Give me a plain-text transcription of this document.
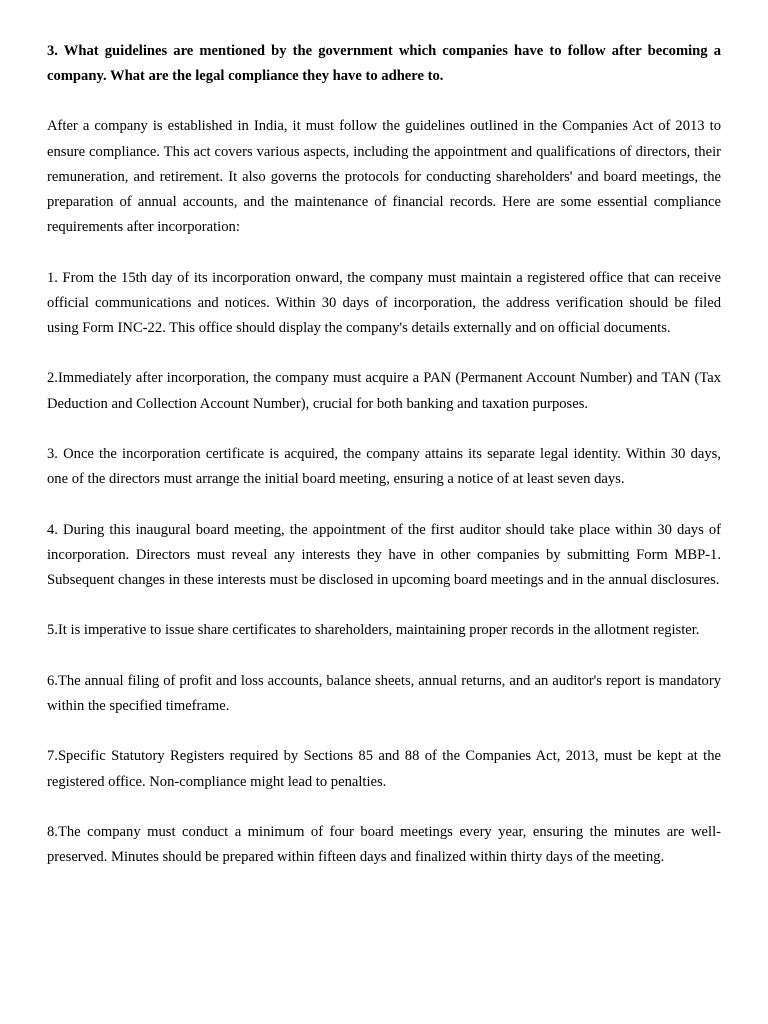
3. What guidelines are mentioned by the government which companies have to follow after becoming a company. What are the legal compliance they have to adhere to.

After a company is established in India, it must follow the guidelines outlined in the Companies Act of 2013 to ensure compliance. This act covers various aspects, including the appointment and qualifications of directors, their remuneration, and retirement. It also governs the protocols for conducting shareholders' and board meetings, the preparation of annual accounts, and the maintenance of financial records. Here are some essential compliance requirements after incorporation:

1. From the 15th day of its incorporation onward, the company must maintain a registered office that can receive official communications and notices. Within 30 days of incorporation, the address verification should be filed using Form INC-22. This office should display the company's details externally and on official documents.

2.Immediately after incorporation, the company must acquire a PAN (Permanent Account Number) and TAN (Tax Deduction and Collection Account Number), crucial for both banking and taxation purposes.

3. Once the incorporation certificate is acquired, the company attains its separate legal identity. Within 30 days, one of the directors must arrange the initial board meeting, ensuring a notice of at least seven days.

4. During this inaugural board meeting, the appointment of the first auditor should take place within 30 days of incorporation. Directors must reveal any interests they have in other companies by submitting Form MBP-1. Subsequent changes in these interests must be disclosed in upcoming board meetings and in the annual disclosures.

5.It is imperative to issue share certificates to shareholders, maintaining proper records in the allotment register.

6.The annual filing of profit and loss accounts, balance sheets, annual returns, and an auditor's report is mandatory within the specified timeframe.

7.Specific Statutory Registers required by Sections 85 and 88 of the Companies Act, 2013, must be kept at the registered office. Non-compliance might lead to penalties.

8.The company must conduct a minimum of four board meetings every year, ensuring the minutes are well-preserved. Minutes should be prepared within fifteen days and finalized within thirty days of the meeting.
